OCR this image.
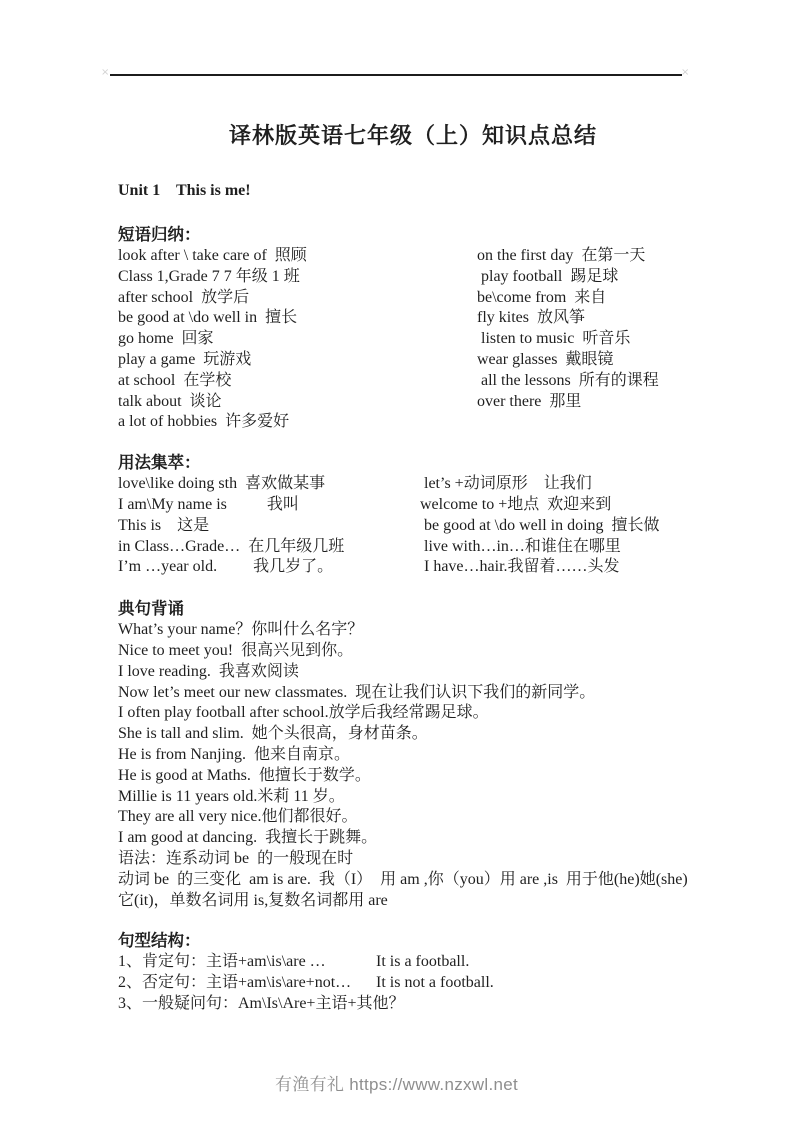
×	×
译林版英语七年级（上）知识点总结
Unit 1    This is me!
短语归纳：
look after \ take care of  照顾	on the first day  在第一天
Class 1,Grade 7 7 年级 1 班	play football  踢足球
after school  放学后	be\come from  来自
be good at \do well in  擅长	fly kites  放风筝
go home  回家	listen to music  听音乐
play a game  玩游戏	wear glasses  戴眼镜
at school  在学校	all the lessons  所有的课程
talk about  谈论	over there  那里
a lot of hobbies  许多爱好
用法集萃：
love\like doing sth  喜欢做某事	let’s +动词原形    让我们
I am\My name is          我叫	welcome to +地点  欢迎来到
This is    这是	be good at \do well in doing  擅长做
in Class…Grade…  在几年级几班	live with…in…和谁住在哪里
I’m …year old.         我几岁了。	I have…hair.我留着……头发
典句背诵
What’s your name？你叫什么名字？
Nice to meet you!  很高兴见到你。
I love reading.  我喜欢阅读
Now let’s meet our new classmates.  现在让我们认识下我们的新同学。
I often play football after school.放学后我经常踢足球。
She is tall and slim.  她个头很高，身材苗条。
He is from Nanjing.  他来自南京。
He is good at Maths.  他擅长于数学。
Millie is 11 years old.米莉 11 岁。
They are all very nice.他们都很好。
I am good at dancing.  我擅长于跳舞。
语法：连系动词 be  的一般现在时
动词 be  的三变化  am is are.  我（I）  用 am ,你（you）用 are ,is  用于他(he)她(she)
它(it)，单数名词用 is,复数名词都用 are
句型结构：
1、肯定句：主语+am\is\are …	It is a football.
2、否定句：主语+am\is\are+not…	It is not a football.
3、一般疑问句：Am\Is\Are+主语+其他？
有渔有礼 https://www.nzxwl.net
